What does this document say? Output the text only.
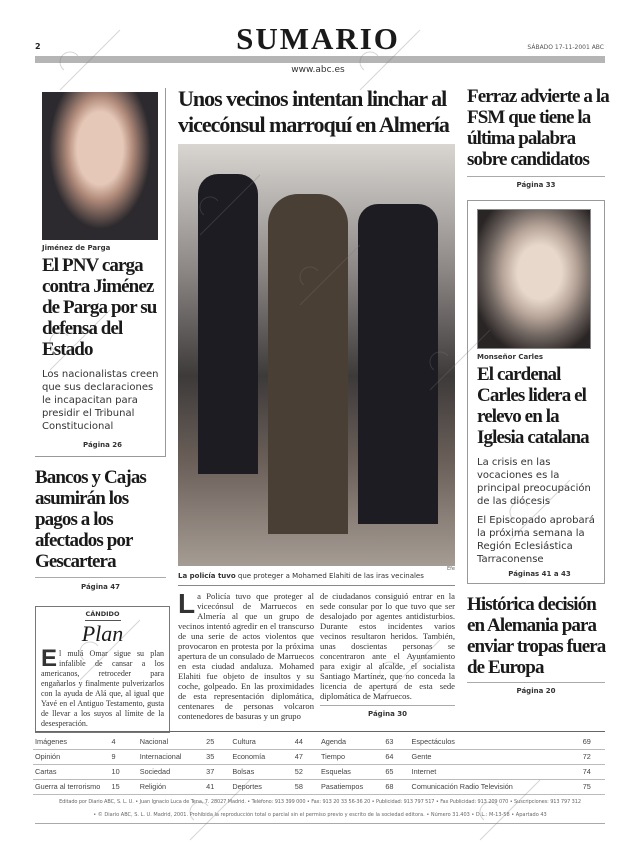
2	SUMARIO	SÁBADO 17-11-2001 ABC
www.abc.es
Jiménez de Parga
El PNV carga contra Jiménez de Parga por su defensa del Estado
Los nacionalistas creen que sus declaraciones le incapacitan para presidir el Tribunal Constitucional
Página 26
Bancos y Cajas asumirán los pagos a los afectados por Gescartera
Página 47
CÁNDIDO
Plan
El mulá Omar sigue su plan infalible de cansar a los americanos, retroceder para engañarlos y finalmente pulverizarlos con la ayuda de Alá que, al igual que Yavé en el Antiguo Testamento, gusta de llevar a los suyos al límite de la desesperación.
Unos vecinos intentan linchar al vicecónsul marroquí en Almería
Efe
La policía tuvo que proteger a Mohamed Elahiti de las iras vecinales
La Policía tuvo que proteger al vicecónsul de Marruecos en Almería al que un grupo de vecinos intentó agredir en el transcurso de una serie de actos violentos que provocaron en protesta por la próxima apertura de un consulado de Marruecos en esta ciudad andaluza. Mohamed Elahiti fue objeto de insultos y su coche, golpeado. En las proximidades de esta representación diplomática, centenares de personas volcaron contenedores de basuras y un grupo
de ciudadanos consiguió entrar en la sede consular por lo que tuvo que ser desalojado por agentes antidisturbios. Durante estos incidentes varios vecinos resultaron heridos. También, unas doscientas personas se concentraron ante el Ayuntamiento para exigir al alcalde, el socialista Santiago Martínez, que no conceda la licencia de apertura de esta sede diplomática de Marruecos.
Página 30
Ferraz advierte a la FSM que tiene la última palabra sobre candidatos
Página 33
Monseñor Carles
El cardenal Carles lidera el relevo en la Iglesia catalana
La crisis en las vocaciones es la principal preocupación de las diócesis
El Episcopado aprobará la próxima semana la Región Eclesiástica Tarraconense
Páginas 41 a 43
Histórica decisión en Alemania para enviar tropas fuera de Europa
Página 20
Imágenes	4	Nacional	25	Cultura	44	Agenda	63	Espectáculos	69
Opinión	9	Internacional	35	Economía	47	Tiempo	64	Gente	72
Cartas	10	Sociedad	37	Bolsas	52	Esquelas	65	Internet	74
Guerra al terrorismo	15	Religión	41	Deportes	58	Pasatiempos	68	Comunicación Radio Televisión	75
Editado por Diario ABC, S. L. U. • Juan Ignacio Luca de Tena, 7. 28027 Madrid. • Teléfono: 913 399 000 • Fax: 913 20 33 56-36 20 • Publicidad: 913 797 517 • Fax Publicidad: 913 209 070 • Suscripciones: 913 797 312
• © Diario ABC, S. L. U. Madrid, 2001. Prohibida la reproducción total o parcial sin el permiso previo y escrito de la sociedad editora. • Número 31.403 • D.L.: M-13-58 • Apartado 43
